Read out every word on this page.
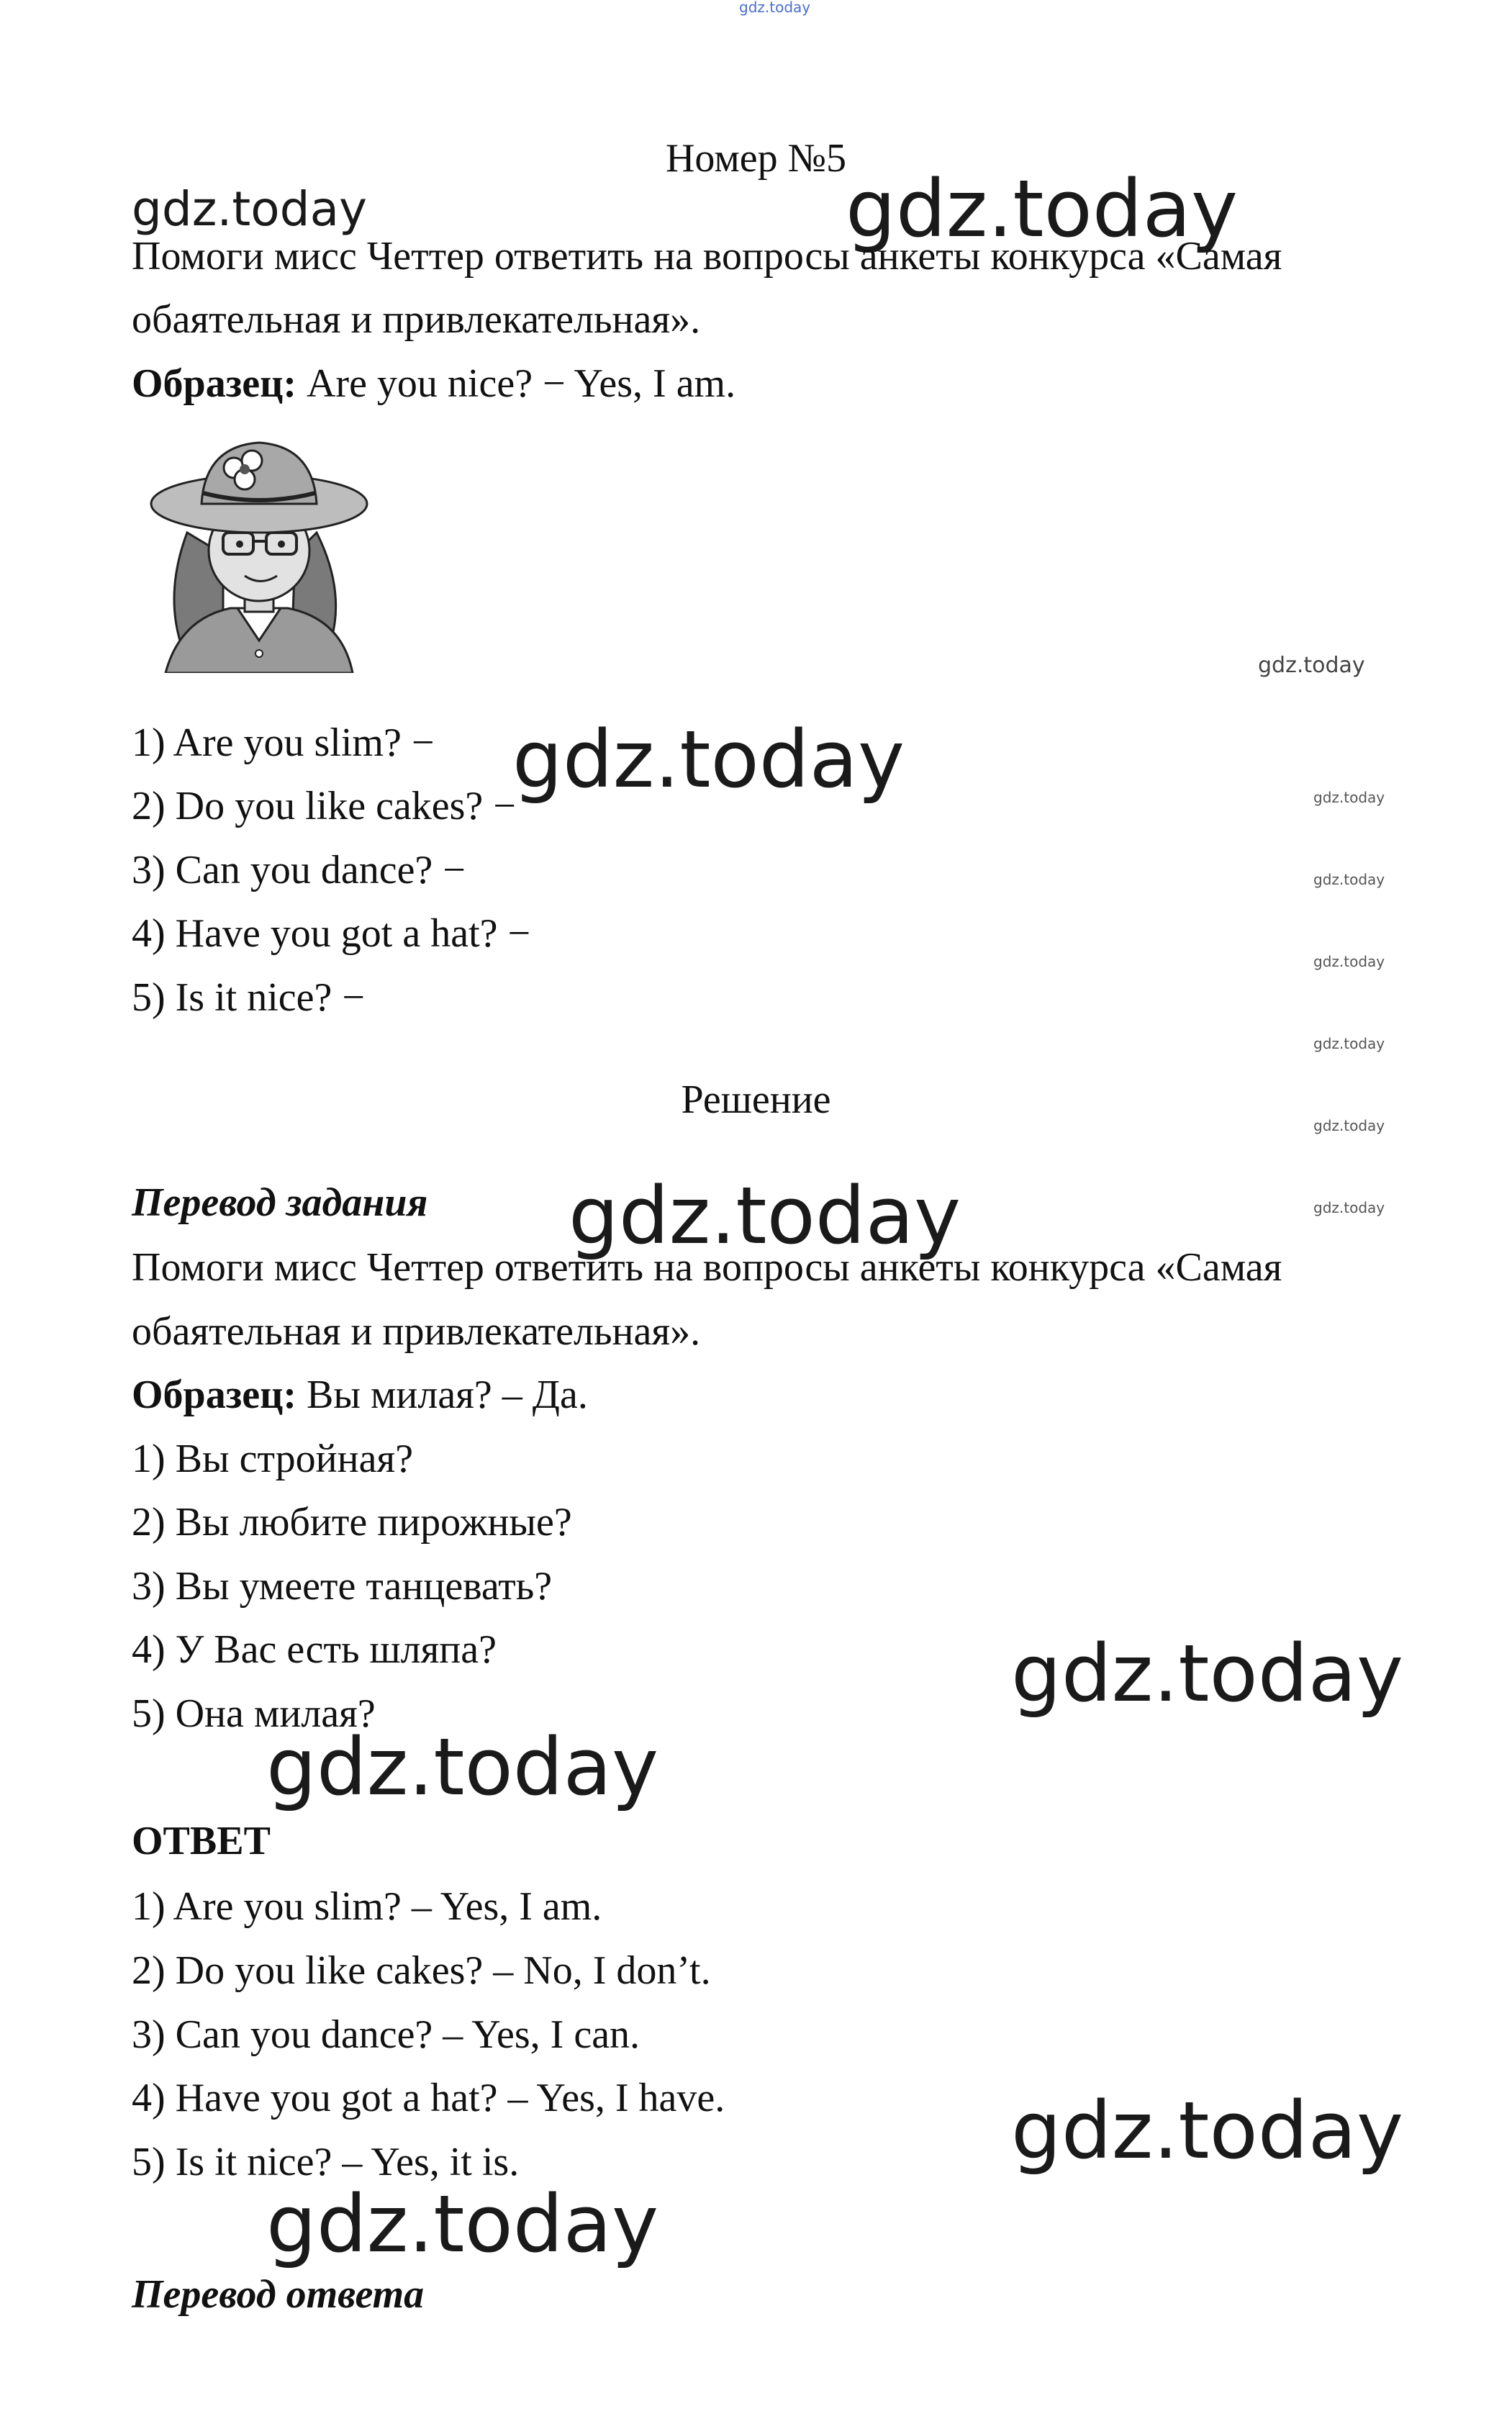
gdz.today
gdz.today	gdz.today
gdz.today
gdz.today	gdz.today
gdz.today
gdz.today
gdz.today
gdz.today
gdz.today
gdz.today
gdz.today
gdz.today
gdz.today
gdz.today
Номер №5
Помоги мисс Четтер ответить на вопросы анкеты конкурса «Самая
обаятельная и привлекательная».
Образец: Are you nice? − Yes, I am.
1) Are you slim? −
2) Do you like cakes? −
3) Can you dance? −
4) Have you got a hat? −
5) Is it nice? −
Решение
Перевод задания
Помоги мисс Четтер ответить на вопросы анкеты конкурса «Самая
обаятельная и привлекательная».
Образец: Вы милая? – Да.
1) Вы стройная?
2) Вы любите пирожные?
3) Вы умеете танцевать?
4) У Вас есть шляпа?
5) Она милая?
ОТВЕТ
1) Are you slim? – Yes, I am.
2) Do you like cakes? – No, I don’t.
3) Can you dance? – Yes, I can.
4) Have you got a hat? – Yes, I have.
5) Is it nice? – Yes, it is.
Перевод ответа
